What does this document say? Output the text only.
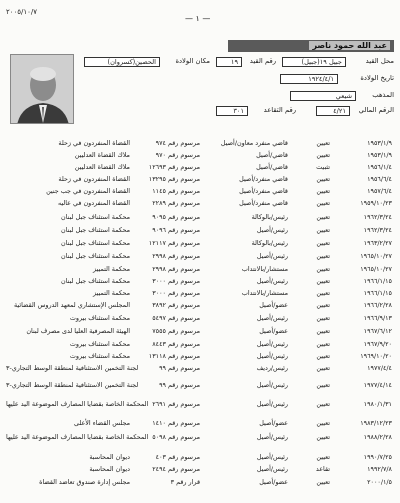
٢٠٠٥/١٠/٧
— ١ —
عبد الله حمود ناصر
محل القيد
جبيل ١٩(جبيل)
رقم القيد
١٩
مكان الولادة
الحصين(كسروان)
تاريخ الولادة
١٩٢٤/٤/١
المذهب
شيعي
الرقم المالي
٤/٢١
رقم التقاعد
٣٠١
١٩٥٣/١/٩
تعيين
قاضي منفرد معاون/أصيل
مرسوم رقم ٩٧٤
القضاة المنفردون في زحلة
١٩٥٣/١/٩
تعيين
قاضي/أصيل
مرسوم رقم ٩٧٠
ملاك القضاة العدليين
١٩٥٦/١/٤
تثبيت
قاضي/أصيل
مرسوم رقم ١٢٦٩٣
ملاك القضاة العدليين
١٩٥٦/٦/٤
تعيين
قاضي منفرد/أصيل
مرسوم رقم ١٣٢٩٥
القضاة المنفردون في زحلة
١٩٥٧/٦/٤
تعيين
قاضي منفرد/أصيل
مرسوم رقم ١١٤٥
القضاة المنفردون في جب جنين
١٩٥٩/١٠/٢٣
تعيين
قاضي منفرد/أصيل
مرسوم رقم ٢٢٨٩
القضاة المنفردون في عاليه
١٩٦٢/٣/٢٤
تعيين
رئيس/بالوكالة
مرسوم رقم ٩٠٩٥
محكمة استئناف جبل لبنان
١٩٦٢/٣/٢٤
تعيين
رئيس/أصيل
مرسوم رقم ٩٠٩٦
محكمة استئناف جبل لبنان
١٩٦٣/٢/٢٧
تعيين
رئيس/بالوكالة
مرسوم رقم ١٢١١٧
محكمة استئناف جبل لبنان
١٩٦٥/١٠/٢٧
تعيين
رئيس/أصيل
مرسوم رقم ٢٩٩٨
محكمة استئناف جبل لبنان
١٩٦٥/١٠/٢٧
تعيين
مستشار/بالانتداب
مرسوم رقم ٢٩٩٨
محكمة التمييز
١٩٦٦/١/١٥
تعيين
رئيس/أصيل
مرسوم رقم ٣٠٠٠
محكمة استئناف جبل لبنان
١٩٦٦/١/١٥
تعيين
مستشار/بالانتداب
مرسوم رقم ٣٠٠٠
محكمة التمييز
١٩٦٦/٢/٢٨
تعيين
عضو/أصيل
مرسوم رقم ٣٨٩٢
المجلس الإستشاري لمعهد الدروس القضائية
١٩٦٦/٩/١٣
تعيين
رئيس/أصيل
مرسوم رقم ٥٤٩٧
محكمة استئناف بيروت
١٩٦٧/٦/١٢
تعيين
عضو/أصيل
مرسوم رقم ٧٥٥٥
الهيئة المصرفية العليا لدى مصرف لبنان
١٩٦٧/٩/٢٠
تعيين
رئيس/أصيل
مرسوم رقم ٨٤٤٣
محكمة استئناف بيروت
١٩٦٩/١٠/٢٠
تعيين
رئيس/أصيل
مرسوم رقم ١٣١١٨
محكمة استئناف بيروت
١٩٧٧/٤/٤
تعيين
رئيس/رديف
مرسوم رقم ٩٩
لجنة التخمين الاستئنافية لمنطقة الوسط التجاري-٣
١٩٧٧/٤/١٤
تعيين
رئيس/أصيل
مرسوم رقم ٩٩
لجنة التخمين الاستئنافية لمنطقة الوسط التجاري-٣
١٩٨٠/١/٣١
تعيين
رئيس/أصيل
مرسوم رقم ٢٦٩١
المحكمة الخاصة بقضايا المصارف الموضوعة اليد عليها
١٩٨٣/١٢/٢٣
تعيين
عضو/أصيل
مرسوم رقم ١٤١٠
مجلس القضاء الأعلى
١٩٨٨/٢/٢٨
تعيين
رئيس/أصيل
مرسوم رقم ٥٠٩٨
المحكمة الخاصة بقضايا المصارف الموضوعة اليد عليها
١٩٩٠/٧/٢٥
تعيين
رئيس/أصيل
مرسوم رقم ٤٠٣
ديوان المحاسبة
١٩٩٢/٧/٨
تقاعد
رئيس/أصيل
مرسوم رقم ٢٤٩٤
ديوان المحاسبة
٢٠٠٠/١/٥
تعيين
عضو/أصيل
قرار رقم ٣
مجلس إدارة صندوق تعاضد القضاة
